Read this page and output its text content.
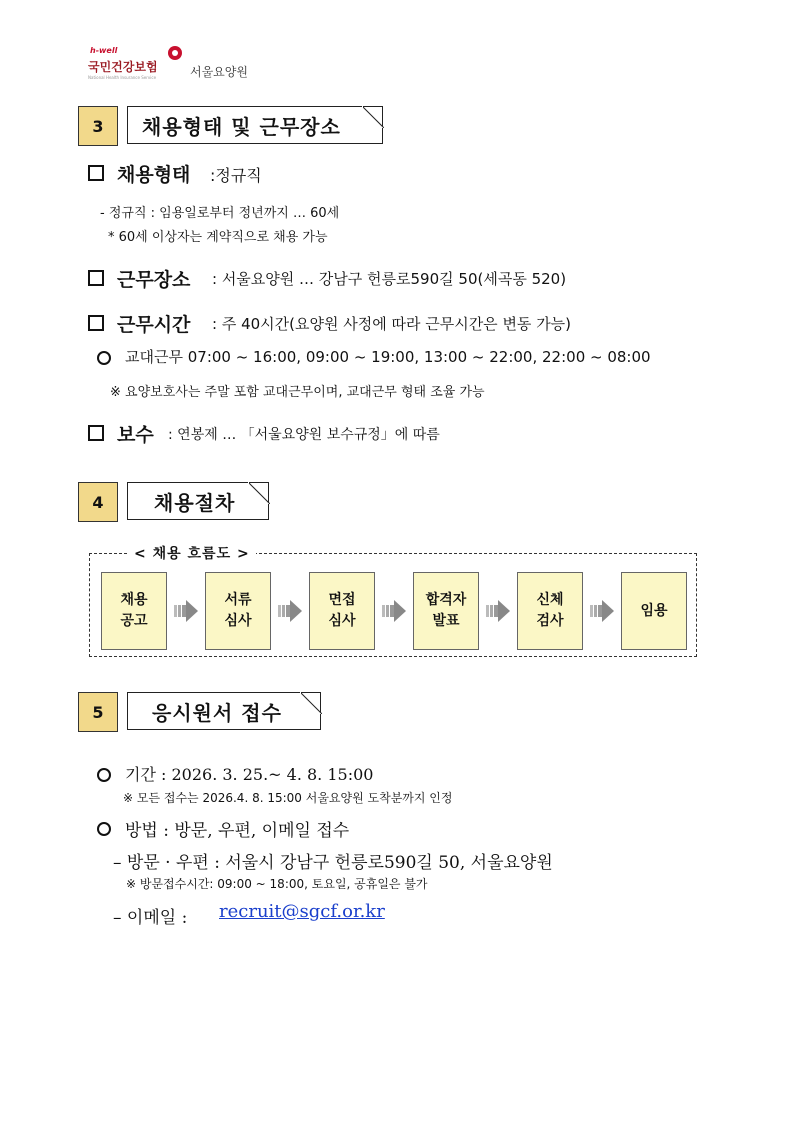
h-well
국민건강보험
National Health Insurance Service	서울요양원
3	채용형태 및 근무장소
채용형태 :정규직
- 정규직 : 임용일로부터 정년까지 … 60세
* 60세 이상자는 계약직으로 채용 가능
근무장소 : 서울요양원 … 강남구 헌릉로590길 50(세곡동 520)
근무시간 : 주 40시간(요양원 사정에 따라 근무시간은 변동 가능)
교대근무 07:00 ~ 16:00, 09:00 ~ 19:00, 13:00 ~ 22:00, 22:00 ~ 08:00
※ 요양보호사는 주말 포함 교대근무이며, 교대근무 형태 조율 가능
보수 : 연봉제 … 「서울요양원 보수규정」에 따름
4	채용절차
< 채용 흐름도 >
채용
공고
서류
심사
면접
심사
합격자
발표
신체
검사
임용
5	응시원서 접수
기간 : 2026. 3. 25.~ 4. 8. 15:00
※ 모든 접수는 2026.4. 8. 15:00 서울요양원 도착분까지 인정
방법 : 방문, 우편, 이메일 접수
– 방문 · 우편 : 서울시 강남구 헌릉로590길 50, 서울요양원
※ 방문접수시간: 09:00 ~ 18:00, 토요일, 공휴일은 불가
– 이메일 : recruit@sgcf.or.kr
